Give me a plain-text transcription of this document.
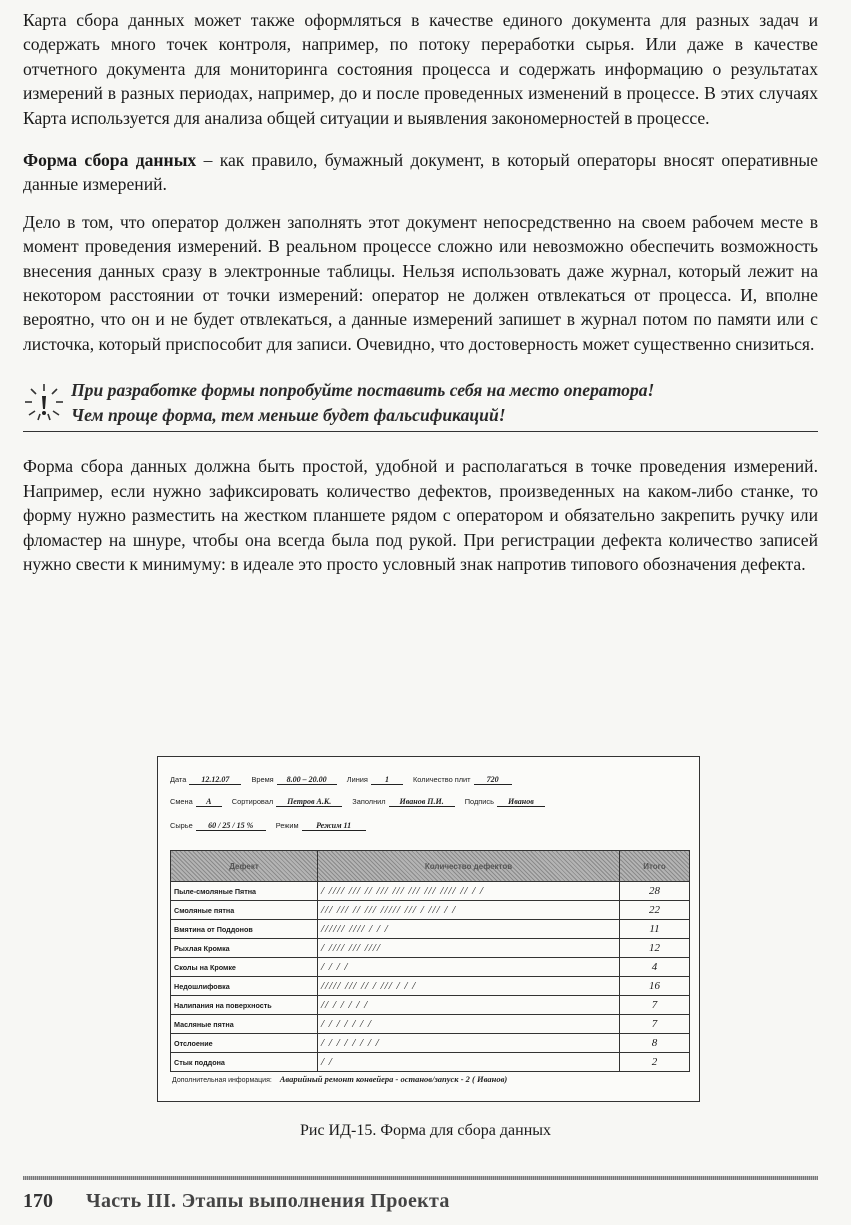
Карта сбора данных может также оформляться в качестве единого документа для разных задач и содержать много точек контроля, например, по потоку переработки сырья. Или даже в качестве отчетного документа для мониторинга состояния процесса и содержать информацию о результатах измерений в разных периодах, например, до и после проведенных изменений в процессе. В этих случаях Карта используется для анализа общей ситуации и выявления закономерностей в процессе.

Форма сбора данных – как правило, бумажный документ, в который операторы вносят оперативные данные измерений.

Дело в том, что оператор должен заполнять этот документ непосредственно на своем рабочем месте в момент проведения измерений. В реальном процессе сложно или невозможно обеспечить возможность внесения данных сразу в электронные таблицы. Нельзя использовать даже журнал, который лежит на некотором расстоянии от точки измерений: оператор не должен отвлекаться от процесса. И, вполне вероятно, что он и не будет отвлекаться, а данные измерений запишет в журнал потом по памяти или с листочка, который приспособит для записи. Очевидно, что достоверность может существенно снизиться.

При разработке формы попробуйте поставить себя на место оператора!
Чем проще форма, тем меньше будет фальсификаций!

Форма сбора данных должна быть простой, удобной и располагаться в точке проведения измерений. Например, если нужно зафиксировать количество дефектов, произведенных на каком-либо станке, то форму нужно разместить на жестком планшете рядом с оператором и обязательно закрепить ручку или фломастер на шнуре, чтобы она всегда была под рукой. При регистрации дефекта количество записей нужно свести к минимуму: в идеале это просто условный знак напротив типового обозначения дефекта.

Дата 12.12.07	Время 8.00 – 20.00	Линия 1	Количество плит 720
Смена А	Сортировал Петров А.К.	Заполнил Иванов П.И.	Подпись Иванов
Сырье 60 / 25 / 15 %	Режим Режим 11
Дефект	Количество дефектов	Итого
Пыле-смоляные Пятна	/ //// /// // /// /// /// /// //// // / /	28
Смоляные пятна	/// /// // /// ///// /// / /// / /	22
Вмятина от Поддонов	////// //// / / /	11
Рыхлая Кромка	/ //// /// ////	12
Сколы на Кромке	/ / / /	4
Недошлифовка	///// /// // / /// / / /	16
Налипания на поверхность	// / / / / /	7
Масляные пятна	/ / / / / / /	7
Отслоение	/ / / / / / / /	8
Стык поддона	/ /	2
Дополнительная информация: Аварийный ремонт конвейера - останов/запуск - 2 ( Иванов)
Рис ИД-15. Форма для сбора данных
170 Часть III. Этапы выполнения Проекта
